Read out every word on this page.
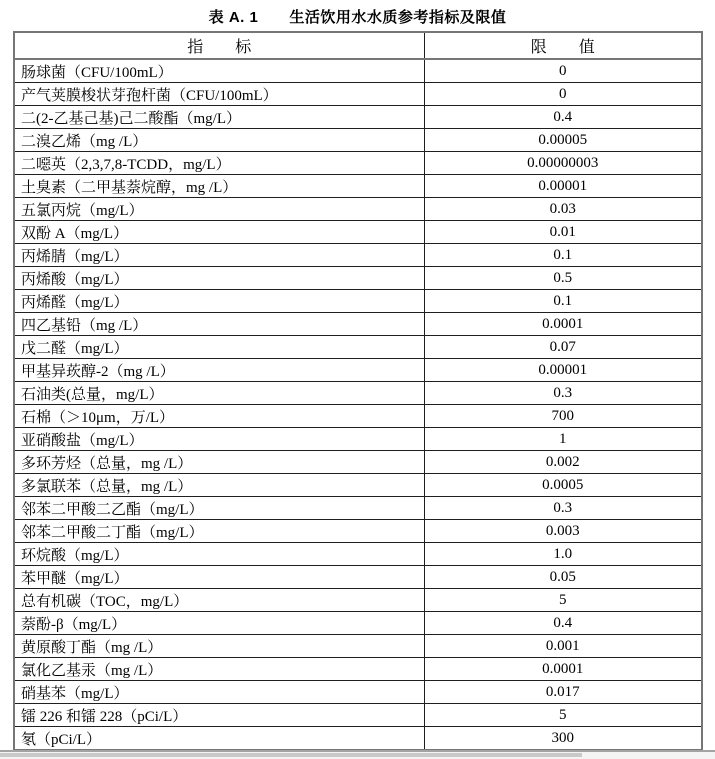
表 A. 1　　生活饮用水水质参考指标及限值
指　　标	限　　值
肠球菌（CFU/100mL）	0
产气荚膜梭状芽孢杆菌（CFU/100mL）	0
二(2-乙基己基)己二酸酯（mg/L）	0.4
二溴乙烯（mg /L）	0.00005
二噁英（2,3,7,8-TCDD，mg/L）	0.00000003
土臭素（二甲基萘烷醇，mg /L）	0.00001
五氯丙烷（mg/L）	0.03
双酚 A（mg/L）	0.01
丙烯腈（mg/L）	0.1
丙烯酸（mg/L）	0.5
丙烯醛（mg/L）	0.1
四乙基铅（mg /L）	0.0001
戊二醛（mg/L）	0.07
甲基异莰醇-2（mg /L）	0.00001
石油类(总量，mg/L）	0.3
石棉（＞10μm，万/L）	700
亚硝酸盐（mg/L）	1
多环芳烃（总量，mg /L）	0.002
多氯联苯（总量，mg /L）	0.0005
邻苯二甲酸二乙酯（mg/L）	0.3
邻苯二甲酸二丁酯（mg/L）	0.003
环烷酸（mg/L）	1.0
苯甲醚（mg/L）	0.05
总有机碳（TOC，mg/L）	5
萘酚-β（mg/L）	0.4
黄原酸丁酯（mg /L）	0.001
氯化乙基汞（mg /L）	0.0001
硝基苯（mg/L）	0.017
镭 226 和镭 228（pCi/L）	5
氡（pCi/L）	300
